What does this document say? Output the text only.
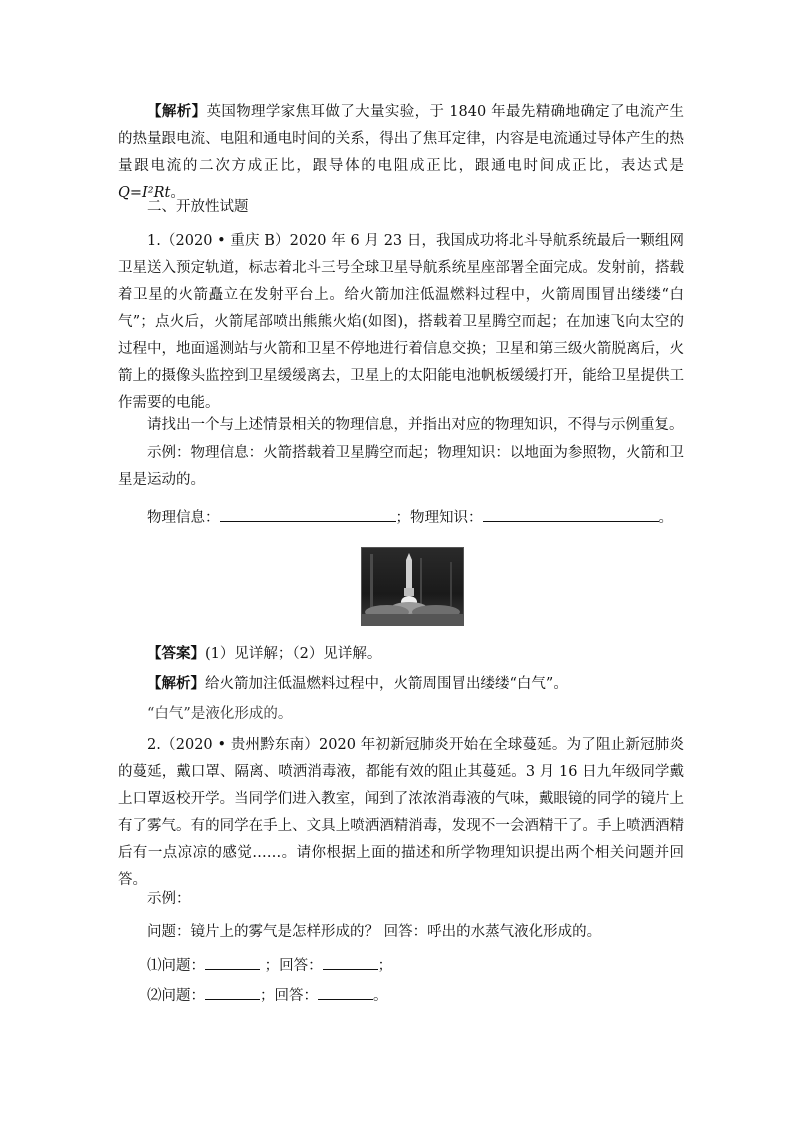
【解析】英国物理学家焦耳做了大量实验，于 1840 年最先精确地确定了电流产生的热量跟电流、电阻和通电时间的关系，得出了焦耳定律，内容是电流通过导体产生的热量跟电流的二次方成正比，跟导体的电阻成正比，跟通电时间成正比，表达式是 Q=I²Rt。

二、开放性试题

1.（2020 • 重庆 B）2020 年 6 月 23 日，我国成功将北斗导航系统最后一颗组网卫星送入预定轨道，标志着北斗三号全球卫星导航系统星座部署全面完成。发射前，搭载着卫星的火箭矗立在发射平台上。给火箭加注低温燃料过程中，火箭周围冒出缕缕“白气”；点火后，火箭尾部喷出熊熊火焰(如图)，搭载着卫星腾空而起；在加速飞向太空的过程中，地面遥测站与火箭和卫星不停地进行着信息交换；卫星和第三级火箭脱离后，火箭上的摄像头监控到卫星缓缓离去，卫星上的太阳能电池帆板缓缓打开，能给卫星提供工作需要的电能。

请找出一个与上述情景相关的物理信息，并指出对应的物理知识，不得与示例重复。

示例：物理信息：火箭搭载着卫星腾空而起；物理知识：以地面为参照物，火箭和卫星是运动的。

物理信息：	；物理知识：	。

【答案】(1）见详解；（2）见详解。

【解析】给火箭加注低温燃料过程中，火箭周围冒出缕缕“白气”。

“白气”是液化形成的。

2.（2020 • 贵州黔东南）2020 年初新冠肺炎开始在全球蔓延。为了阻止新冠肺炎的蔓延，戴口罩、隔离、喷洒消毒液，都能有效的阻止其蔓延。3 月 16 日九年级同学戴上口罩返校开学。当同学们进入教室，闻到了浓浓消毒液的气味，戴眼镜的同学的镜片上有了雾气。有的同学在手上、文具上喷洒酒精消毒，发现不一会酒精干了。手上喷洒酒精后有一点凉凉的感觉……。请你根据上面的描述和所学物理知识提出两个相关问题并回答。

示例：

问题：镜片上的雾气是怎样形成的？ 回答：呼出的水蒸气液化形成的。

⑴问题：	；回答：	；

⑵问题：	；回答：	。
